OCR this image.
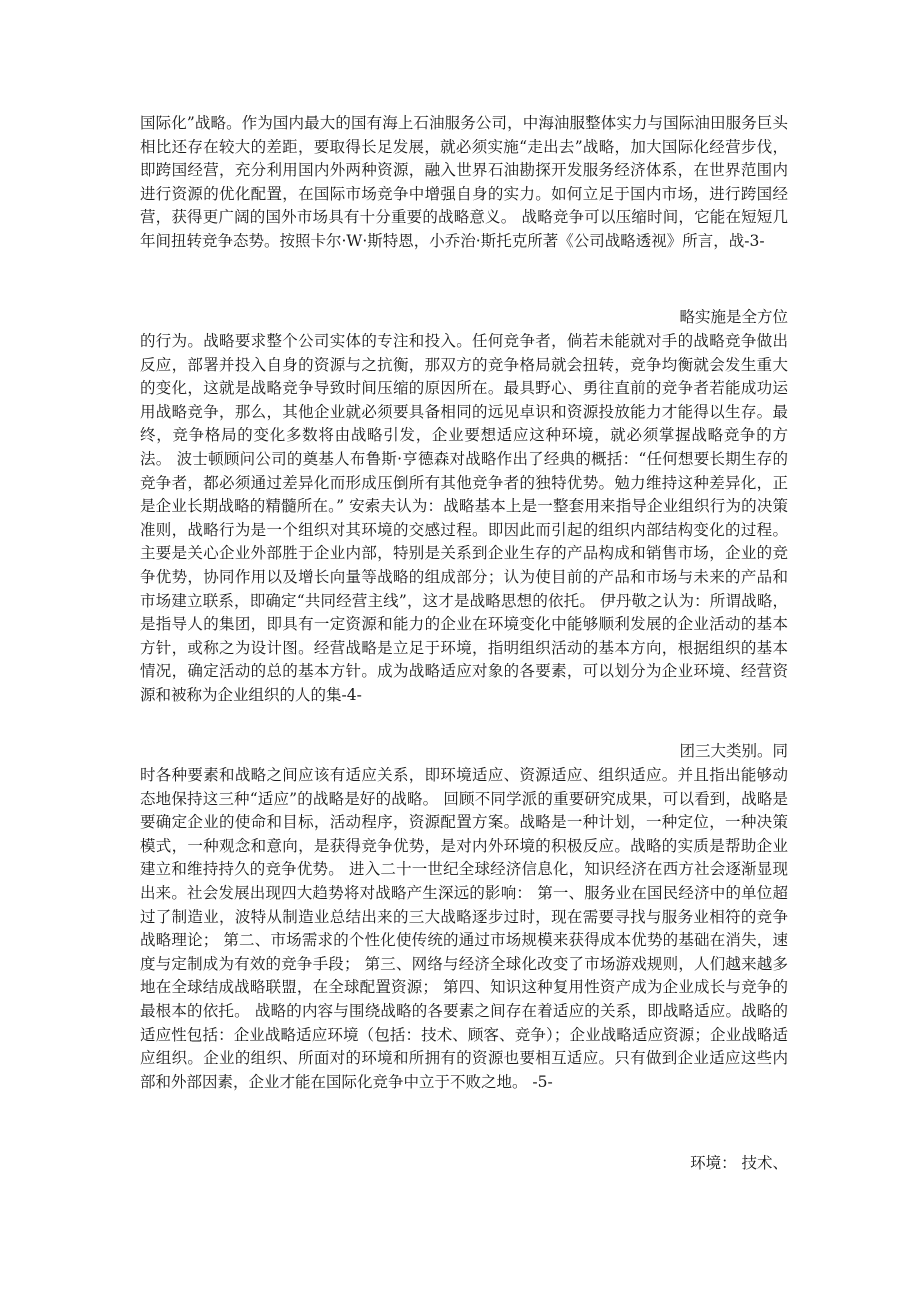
国际化”战略。作为国内最大的国有海上石油服务公司，中海油服整体实力与国际油田服务巨头相比还存在较大的差距，要取得长足发展，就必须实施“走出去”战略，加大国际化经营步伐，即跨国经营，充分利用国内外两种资源，融入世界石油勘探开发服务经济体系，在世界范围内进行资源的优化配置，在国际市场竞争中增强自身的实力。如何立足于国内市场，进行跨国经营，获得更广阔的国外市场具有十分重要的战略意义。 战略竞争可以压缩时间，它能在短短几年间扭转竞争态势。按照卡尔·W·斯特恩，小乔治·斯托克所著《公司战略透视》所言，战-3-

略实施是全方位

的行为。战略要求整个公司实体的专注和投入。任何竞争者，倘若未能就对手的战略竞争做出反应，部署并投入自身的资源与之抗衡，那双方的竞争格局就会扭转，竞争均衡就会发生重大的变化，这就是战略竞争导致时间压缩的原因所在。最具野心、勇往直前的竞争者若能成功运用战略竞争，那么，其他企业就必须要具备相同的远见卓识和资源投放能力才能得以生存。最终，竞争格局的变化多数将由战略引发，企业要想适应这种环境，就必须掌握战略竞争的方法。 波士顿顾问公司的奠基人布鲁斯·亨德森对战略作出了经典的概括：“任何想要长期生存的竞争者，都必须通过差异化而形成压倒所有其他竞争者的独特优势。勉力维持这种差异化，正是企业长期战略的精髓所在。” 安索夫认为：战略基本上是一整套用来指导企业组织行为的决策准则，战略行为是一个组织对其环境的交感过程。即因此而引起的组织内部结构变化的过程。主要是关心企业外部胜于企业内部，特别是关系到企业生存的产品构成和销售市场，企业的竞争优势，协同作用以及增长向量等战略的组成部分；认为使目前的产品和市场与未来的产品和市场建立联系，即确定“共同经营主线”，这才是战略思想的依托。 伊丹敬之认为：所谓战略，是指导人的集团，即具有一定资源和能力的企业在环境变化中能够顺利发展的企业活动的基本方针，或称之为设计图。经营战略是立足于环境，指明组织活动的基本方向，根据组织的基本情况，确定活动的总的基本方针。成为战略适应对象的各要素，可以划分为企业环境、经营资源和被称为企业组织的人的集-4-

团三大类别。同

时各种要素和战略之间应该有适应关系，即环境适应、资源适应、组织适应。并且指出能够动态地保持这三种“适应”的战略是好的战略。 回顾不同学派的重要研究成果，可以看到，战略是要确定企业的使命和目标，活动程序，资源配置方案。战略是一种计划，一种定位，一种决策模式，一种观念和意向，是获得竞争优势，是对内外环境的积极反应。战略的实质是帮助企业建立和维持持久的竞争优势。 进入二十一世纪全球经济信息化，知识经济在西方社会逐渐显现出来。社会发展出现四大趋势将对战略产生深远的影响： 第一、服务业在国民经济中的单位超过了制造业，波特从制造业总结出来的三大战略逐步过时，现在需要寻找与服务业相符的竞争战略理论； 第二、市场需求的个性化使传统的通过市场规模来获得成本优势的基础在消失，速度与定制成为有效的竞争手段； 第三、网络与经济全球化改变了市场游戏规则，人们越来越多地在全球结成战略联盟，在全球配置资源； 第四、知识这种复用性资产成为企业成长与竞争的最根本的依托。 战略的内容与围绕战略的各要素之间存在着适应的关系，即战略适应。战略的适应性包括：企业战略适应环境（包括：技术、顾客、竞争）；企业战略适应资源；企业战略适应组织。企业的组织、所面对的环境和所拥有的资源也要相互适应。只有做到企业适应这些内部和外部因素，企业才能在国际化竞争中立于不败之地。 -5-

环境： 技术、
